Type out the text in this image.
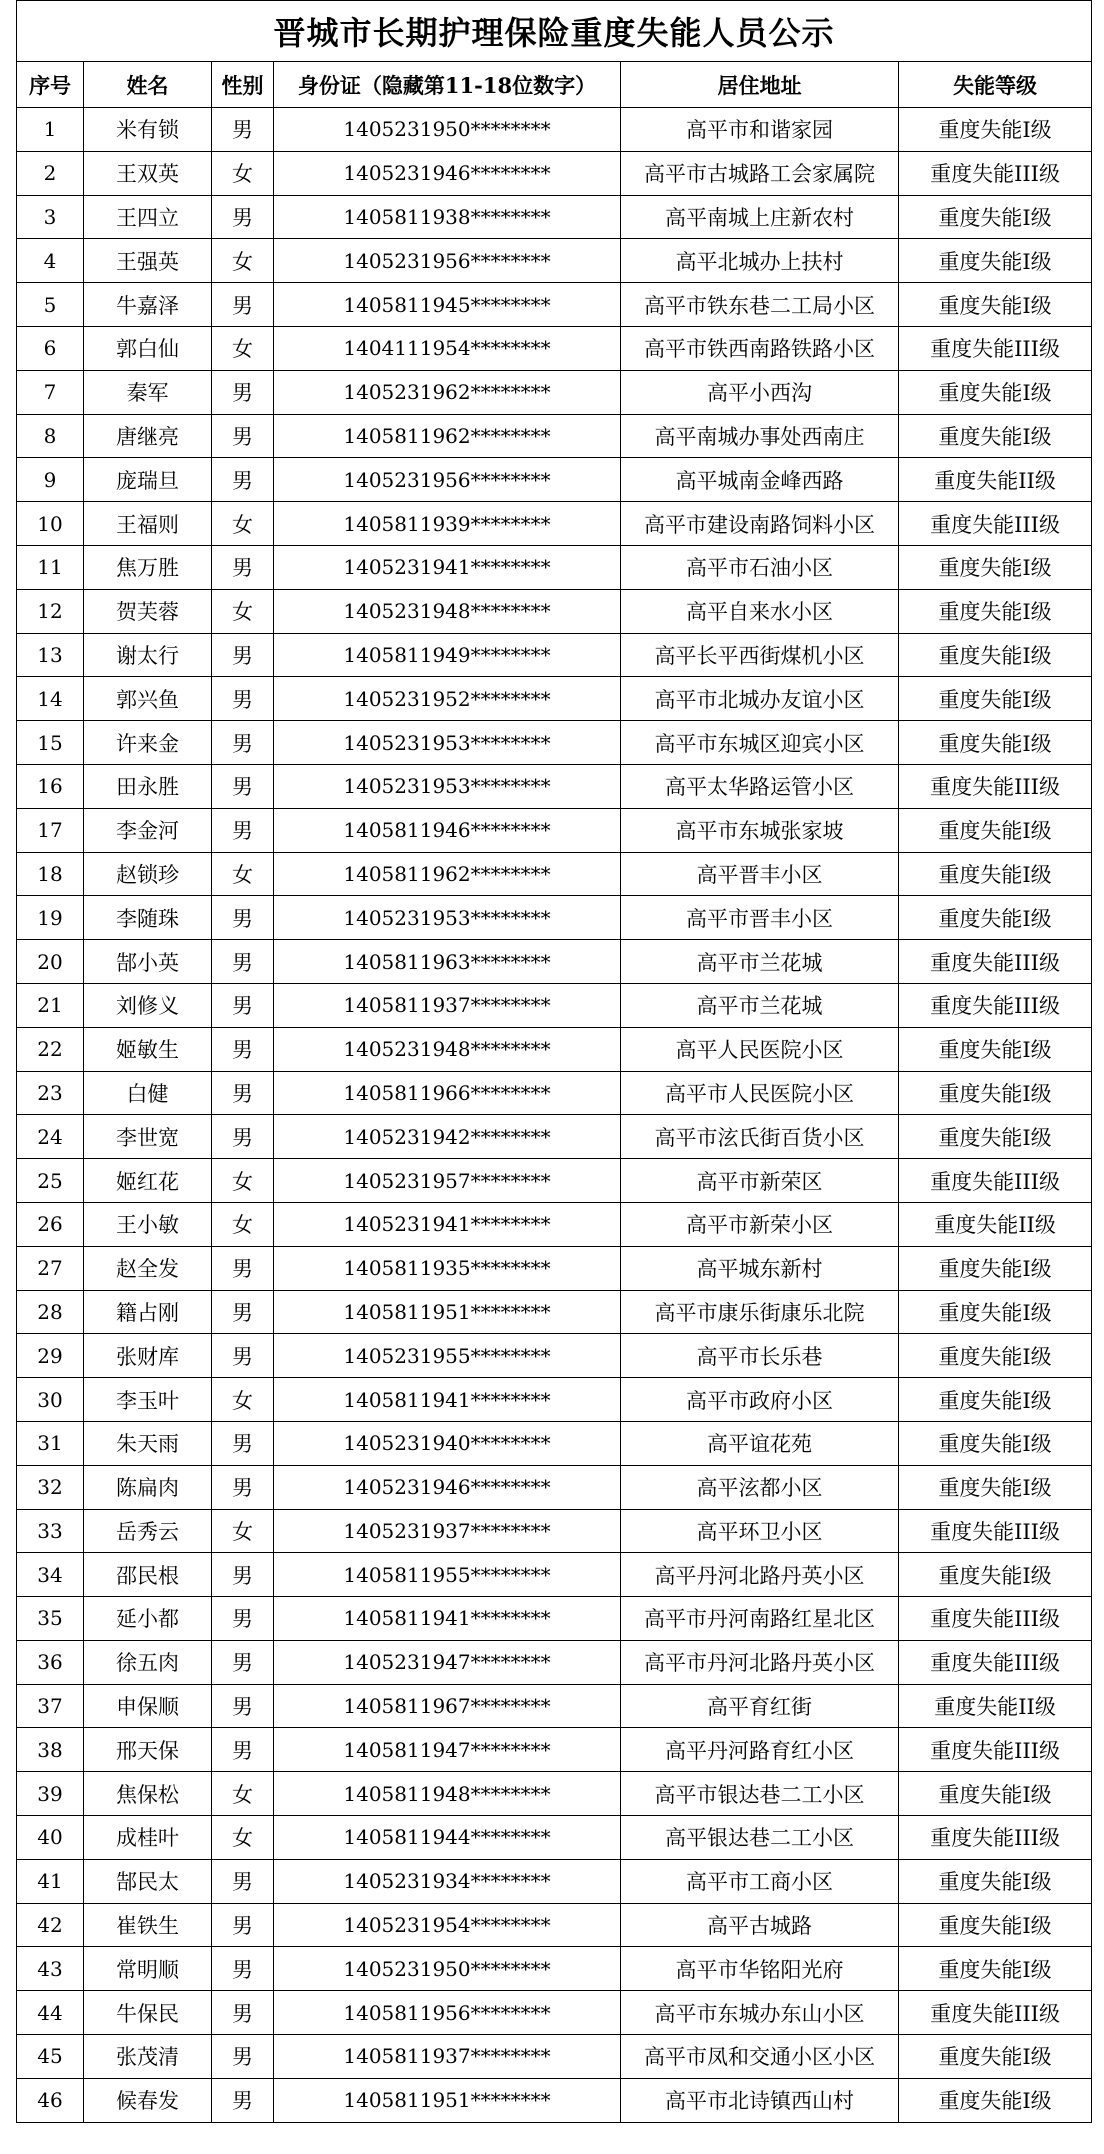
晋城市长期护理保险重度失能人员公示					
序号	姓名	性别	身份证（隐藏第11-18位数字）	居住地址	失能等级
1	米有锁	男	1405231950********	高平市和谐家园	重度失能I级
2	王双英	女	1405231946********	高平市古城路工会家属院	重度失能III级
3	王四立	男	1405811938********	高平南城上庄新农村	重度失能I级
4	王强英	女	1405231956********	高平北城办上扶村	重度失能I级
5	牛嘉泽	男	1405811945********	高平市铁东巷二工局小区	重度失能I级
6	郭白仙	女	1404111954********	高平市铁西南路铁路小区	重度失能III级
7	秦军	男	1405231962********	高平小西沟	重度失能I级
8	唐继亮	男	1405811962********	高平南城办事处西南庄	重度失能I级
9	庞瑞旦	男	1405231956********	高平城南金峰西路	重度失能II级
10	王福则	女	1405811939********	高平市建设南路饲料小区	重度失能III级
11	焦万胜	男	1405231941********	高平市石油小区	重度失能I级
12	贺芙蓉	女	1405231948********	高平自来水小区	重度失能I级
13	谢太行	男	1405811949********	高平长平西街煤机小区	重度失能I级
14	郭兴鱼	男	1405231952********	高平市北城办友谊小区	重度失能I级
15	许来金	男	1405231953********	高平市东城区迎宾小区	重度失能I级
16	田永胜	男	1405231953********	高平太华路运管小区	重度失能III级
17	李金河	男	1405811946********	高平市东城张家坡	重度失能I级
18	赵锁珍	女	1405811962********	高平晋丰小区	重度失能I级
19	李随珠	男	1405231953********	高平市晋丰小区	重度失能I级
20	郜小英	男	1405811963********	高平市兰花城	重度失能III级
21	刘修义	男	1405811937********	高平市兰花城	重度失能III级
22	姬敏生	男	1405231948********	高平人民医院小区	重度失能I级
23	白健	男	1405811966********	高平市人民医院小区	重度失能I级
24	李世宽	男	1405231942********	高平市泫氏街百货小区	重度失能I级
25	姬红花	女	1405231957********	高平市新荣区	重度失能III级
26	王小敏	女	1405231941********	高平市新荣小区	重度失能II级
27	赵全发	男	1405811935********	高平城东新村	重度失能I级
28	籍占刚	男	1405811951********	高平市康乐街康乐北院	重度失能I级
29	张财库	男	1405231955********	高平市长乐巷	重度失能I级
30	李玉叶	女	1405811941********	高平市政府小区	重度失能I级
31	朱天雨	男	1405231940********	高平谊花苑	重度失能I级
32	陈扁肉	男	1405231946********	高平泫都小区	重度失能I级
33	岳秀云	女	1405231937********	高平环卫小区	重度失能III级
34	邵民根	男	1405811955********	高平丹河北路丹英小区	重度失能I级
35	延小都	男	1405811941********	高平市丹河南路红星北区	重度失能III级
36	徐五肉	男	1405231947********	高平市丹河北路丹英小区	重度失能III级
37	申保顺	男	1405811967********	高平育红街	重度失能II级
38	邢天保	男	1405811947********	高平丹河路育红小区	重度失能III级
39	焦保松	女	1405811948********	高平市银达巷二工小区	重度失能I级
40	成桂叶	女	1405811944********	高平银达巷二工小区	重度失能III级
41	郜民太	男	1405231934********	高平市工商小区	重度失能I级
42	崔铁生	男	1405231954********	高平古城路	重度失能I级
43	常明顺	男	1405231950********	高平市华铭阳光府	重度失能I级
44	牛保民	男	1405811956********	高平市东城办东山小区	重度失能III级
45	张茂清	男	1405811937********	高平市凤和交通小区小区	重度失能I级
46	候春发	男	1405811951********	高平市北诗镇西山村	重度失能I级
